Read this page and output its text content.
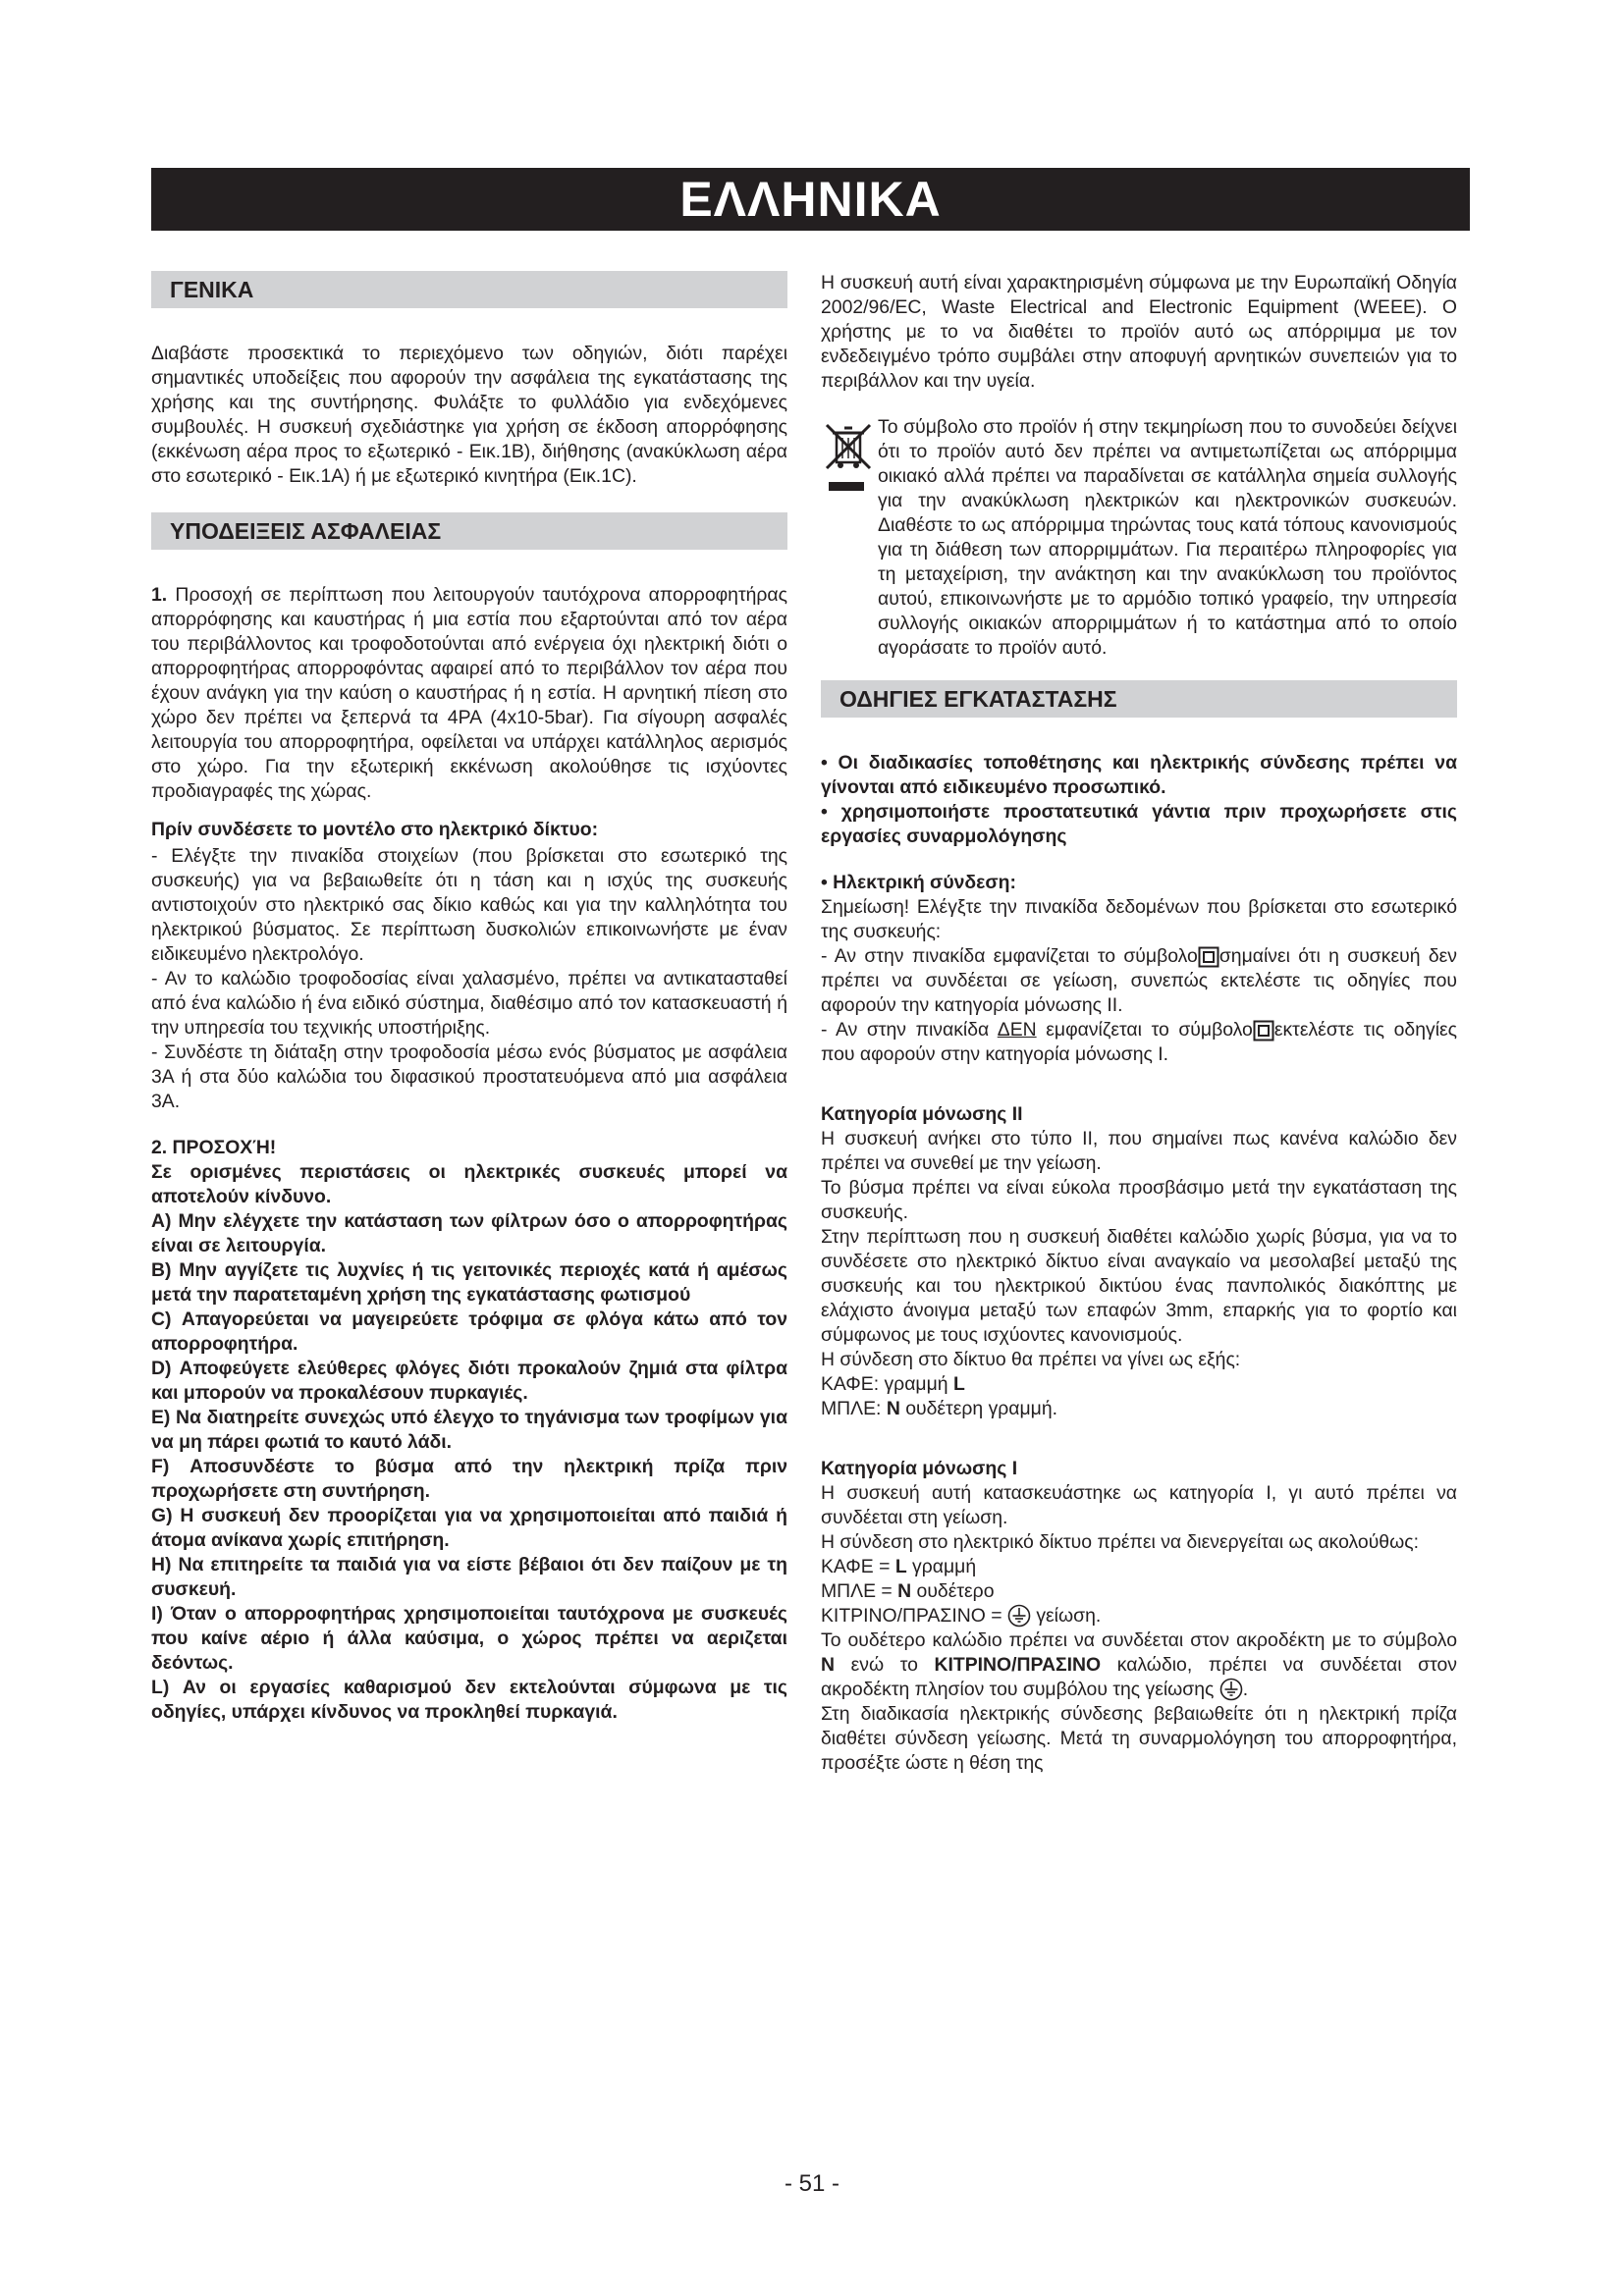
ΕΛΛΗΝΙΚΑ	GR
ΓΕΝΙΚΑ

Διαβάστε προσεκτικά το περιεχόμενο των οδηγιών, διότι παρέχει σημαντικές υποδείξεις που αφορούν την ασφάλεια της εγκατάστασης της χρήσης και της συντήρησης. Φυλάξτε το φυλλάδιο για ενδεχόμενες συμβουλές. Η συσκευή σχεδιάστηκε για χρήση σε έκδοση απορρόφησης (εκκένωση αέρα προς το εξωτερικό - Εικ.1B), διήθησης (ανακύκλωση αέρα στο εσωτερικό - Εικ.1A) ή με εξωτερικό κινητήρα (Εικ.1C).

ΥΠΟΔΕΙΞΕΙΣ ΑΣΦΑΛΕΙΑΣ

1. Προσοχή σε περίπτωση που λειτουργούν ταυτόχρονα απορροφητήρας απορρόφησης και καυστήρας ή μια εστία που εξαρτούνται από τον αέρα του περιβάλλοντος και τροφοδοτούνται από ενέργεια όχι ηλεκτρική διότι ο απορροφητήρας απορροφόντας αφαιρεί από το περιβάλλον τον αέρα που έχουν ανάγκη για την καύση ο καυστήρας ή η εστία. Η αρνητική πίεση στο χώρο δεν πρέπει να ξεπερνά τα 4PA (4x10-5bar). Για σίγουρη ασφαλές λειτουργία του απορροφητήρα, οφείλεται να υπάρχει κατάλληλος αερισμός στο χώρο. Για την εξωτερική εκκένωση ακολούθησε τις ισχύοντες προδιαγραφές της χώρας.

Πρίν συνδέσετε το μοντέλο στο ηλεκτρικό δίκτυο:

- Ελέγξτε την πινακίδα στοιχείων (που βρίσκεται στο εσωτερικό της συσκευής) για να βεβαιωθείτε ότι η τάση και η ισχύς της συσκευής αντιστοιχούν στο ηλεκτρικό σας δίκιο καθώς και για την καλληλότητα του ηλεκτρικού βύσματος. Σε περίπτωση δυσκολιών επικοινωνήστε με έναν ειδικευμένο ηλεκτρολόγο.

- Αν το καλώδιο τροφοδοσίας είναι χαλασμένο, πρέπει να αντικατασταθεί από ένα καλώδιο ή ένα ειδικό σύστημα, διαθέσιμο από τον κατασκευαστή ή την υπηρεσία του τεχνικής υποστήριξης.

- Συνδέστε τη διάταξη στην τροφοδοσία μέσω ενός βύσματος με ασφάλεια 3A ή στα δύο καλώδια του διφασικού προστατευόμενα από μια ασφάλεια 3A.

2. ΠΡΟΣΟΧΉ!

Σε ορισμένες περιστάσεις οι ηλεκτρικές συσκευές μπορεί να αποτελούν κίνδυνο.

A) Μην ελέγχετε την κατάσταση των φίλτρων όσο ο απορροφητήρας είναι σε λειτουργία.

B) Μην αγγίζετε τις λυχνίες ή τις γειτονικές περιοχές κατά ή αμέσως μετά την παρατεταμένη χρήση της εγκατάστασης φωτισμού

C) Απαγορεύεται να μαγειρεύετε τρόφιμα σε φλόγα κάτω από τον απορροφητήρα.

D) Αποφεύγετε ελεύθερες φλόγες διότι προκαλούν ζημιά στα φίλτρα και μπορούν να προκαλέσουν πυρκαγιές.

E) Να διατηρείτε συνεχώς υπό έλεγχο το τηγάνισμα των τροφίμων για να μη πάρει φωτιά το καυτό λάδι.

F) Αποσυνδέστε το βύσμα από την ηλεκτρική πρίζα πριν προχωρήσετε στη συντήρηση.

G) Η συσκευή δεν προορίζεται για να χρησιμοποιείται από παιδιά ή άτομα ανίκανα χωρίς επιτήρηση.

H) Να επιτηρείτε τα παιδιά για να είστε βέβαιοι ότι δεν παίζουν με τη συσκευή.

I) Όταν ο απορροφητήρας χρησιμοποιείται ταυτόχρονα με συσκευές που καίνε αέριο ή άλλα καύσιμα, ο χώρος πρέπει να αεριζεται δεόντως.

L) Αν οι εργασίες καθαρισμού δεν εκτελούνται σύμφωνα με τις οδηγίες, υπάρχει κίνδυνος να προκληθεί πυρκαγιά.

Η συσκευή αυτή είναι χαρακτηρισμένη σύμφωνα με την Ευρωπαϊκή Οδηγία 2002/96/EC, Waste Electrical and Electronic Equipment (WEEE). Ο χρήστης με το να διαθέτει το προϊόν αυτό ως απόρριμμα με τον ενδεδειγμένο τρόπο συμβάλει στην αποφυγή αρνητικών συνεπειών για το περιβάλλον και την υγεία.

Το σύμβολο στο προϊόν ή στην τεκμηρίωση που το συνοδεύει δείχνει ότι το προϊόν αυτό δεν πρέπει να αντιμετωπίζεται ως απόρριμμα οικιακό αλλά πρέπει να παραδίνεται σε κατάλληλα σημεία συλλογής για την ανακύκλωση ηλεκτρικών και ηλεκτρονικών συσκευών. Διαθέστε το ως απόρριμμα τηρώντας τους κατά τόπους κανονισμούς για τη διάθεση των απορριμμάτων. Για περαιτέρω πληροφορίες για τη μεταχείριση, την ανάκτηση και την ανακύκλωση του προϊόντος αυτού, επικοινωνήστε με το αρμόδιο τοπικό γραφείο, την υπηρεσία συλλογής οικιακών απορριμμάτων ή το κατάστημα από το οποίο αγοράσατε το προϊόν αυτό.

ΟΔΗΓΙΕΣ ΕΓΚΑΤΑΣΤΑΣΗΣ

• Οι διαδικασίες τοποθέτησης και ηλεκτρικής σύνδεσης πρέπει να γίνονται από ειδικευμένο προσωπικό.

• χρησιμοποιήστε προστατευτικά γάντια πριν προχωρήσετε στις εργασίες συναρμολόγησης

• Ηλεκτρική σύνδεση:

Σημείωση! Ελέγξτε την πινακίδα δεδομένων που βρίσκεται στο εσωτερικό της συσκευής:

- Αν στην πινακίδα εμφανίζεται το σύμβολο σημαίνει ότι η συσκευή δεν πρέπει να συνδέεται σε γείωση, συνεπώς εκτελέστε τις οδηγίες που αφορούν την κατηγορία μόνωσης II.

- Αν στην πινακίδα ΔΕΝ εμφανίζεται το σύμβολο εκτελέστε τις οδηγίες που αφορούν στην κατηγορία μόνωσης I.

Κατηγορία μόνωσης II

Η συσκευή ανήκει στο τύπο II, που σημαίνει πως κανένα καλώδιο δεν πρέπει να συνεθεί με την γείωση.

Το βύσμα πρέπει να είναι εύκολα προσβάσιμο μετά την εγκατάσταση της συσκευής.

Στην περίπτωση που η συσκευή διαθέτει καλώδιο χωρίς βύσμα, για να το συνδέσετε στο ηλεκτρικό δίκτυο είναι αναγκαίο να μεσολαβεί μεταξύ της συσκευής και του ηλεκτρικού δικτύου ένας πανπολικός διακόπτης με ελάχιστο άνοιγμα μεταξύ των επαφών 3mm, επαρκής για το φορτίο και σύμφωνος με τους ισχύοντες κανονισμούς.

Η σύνδεση στο δίκτυο θα πρέπει να γίνει ως εξής:

ΚΑΦΕ: γραμμή L

ΜΠΛΕ: N ουδέτερη γραμμή.

Κατηγορία μόνωσης I

Η συσκευή αυτή κατασκευάστηκε ως κατηγορία I, γι αυτό πρέπει να συνδέεται στη γείωση.

Η σύνδεση στο ηλεκτρικό δίκτυο πρέπει να διενεργείται ως ακολούθως:

ΚΑΦΕ = L γραμμή

ΜΠΛΕ = N ουδέτερο

ΚΙΤΡΙΝΟ/ΠΡΑΣΙΝΟ =  γείωση.

Το ουδέτερο καλώδιο πρέπει να συνδέεται στον ακροδέκτη με το σύμβολο N ενώ το ΚΙΤΡΙΝΟ/ΠΡΑΣΙΝΟ καλώδιο, πρέπει να συνδέεται στον ακροδέκτη πλησίον του συμβόλου της γείωσης .

Στη διαδικασία ηλεκτρικής σύνδεσης βεβαιωθείτε ότι η ηλεκτρική πρίζα διαθέτει σύνδεση γείωσης. Μετά τη συναρμολόγηση του απορροφητήρα, προσέξτε ώστε η θέση της

- 51 -
